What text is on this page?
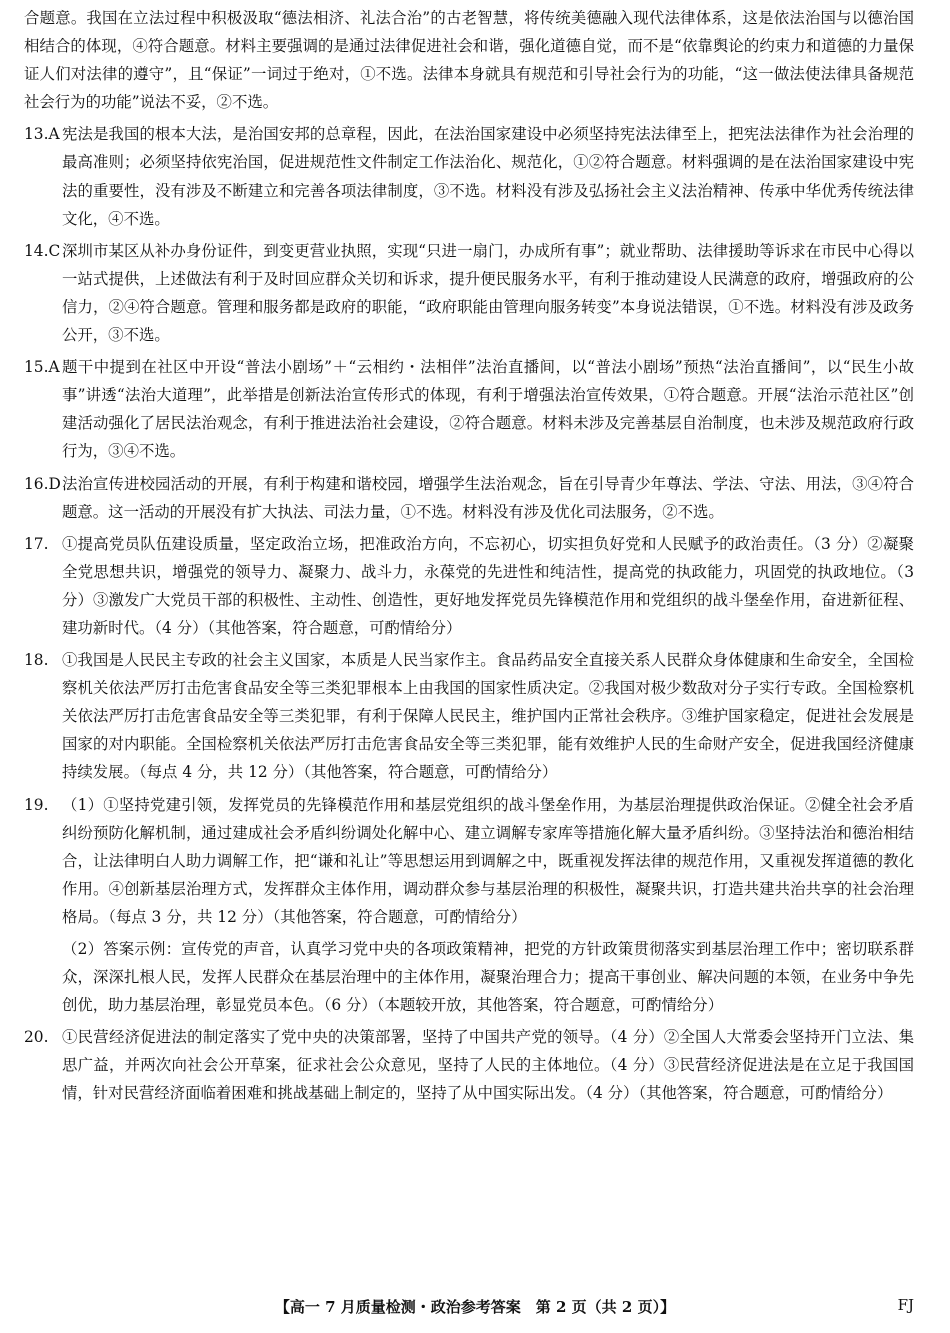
合题意。我国在立法过程中积极汲取“德法相济、礼法合治”的古老智慧，将传统美德融入现代法律体系，这是依法治国与以德治国相结合的体现，④符合题意。材料主要强调的是通过法律促进社会和谐，强化道德自觉，而不是“依靠舆论的约束力和道德的力量保证人们对法律的遵守”，且“保证”一词过于绝对，①不选。法律本身就具有规范和引导社会行为的功能，“这一做法使法律具备规范社会行为的功能”说法不妥，②不选。
13.A 宪法是我国的根本大法，是治国安邦的总章程，因此，在法治国家建设中必须坚持宪法法律至上，把宪法法律作为社会治理的最高准则；必须坚持依宪治国，促进规范性文件制定工作法治化、规范化，①②符合题意。材料强调的是在法治国家建设中宪法的重要性，没有涉及不断建立和完善各项法律制度，③不选。材料没有涉及弘扬社会主义法治精神、传承中华优秀传统法律文化，④不选。
14.C 深圳市某区从补办身份证件，到变更营业执照，实现“只进一扇门，办成所有事”；就业帮助、法律援助等诉求在市民中心得以一站式提供，上述做法有利于及时回应群众关切和诉求，提升便民服务水平，有利于推动建设人民满意的政府，增强政府的公信力，②④符合题意。管理和服务都是政府的职能，“政府职能由管理向服务转变”本身说法错误，①不选。材料没有涉及政务公开，③不选。
15.A 题干中提到在社区中开设“普法小剧场”＋“云相约・法相伴”法治直播间，以“普法小剧场”预热“法治直播间”，以“民生小故事”讲透“法治大道理”，此举措是创新法治宣传形式的体现，有利于增强法治宣传效果，①符合题意。开展“法治示范社区”创建活动强化了居民法治观念，有利于推进法治社会建设，②符合题意。材料未涉及完善基层自治制度，也未涉及规范政府行政行为，③④不选。
16.D 法治宣传进校园活动的开展，有利于构建和谐校园，增强学生法治观念，旨在引导青少年尊法、学法、守法、用法，③④符合题意。这一活动的开展没有扩大执法、司法力量，①不选。材料没有涉及优化司法服务，②不选。
17. ①提高党员队伍建设质量，坚定政治立场，把准政治方向，不忘初心，切实担负好党和人民赋予的政治责任。（3 分）②凝聚全党思想共识，增强党的领导力、凝聚力、战斗力，永葆党的先进性和纯洁性，提高党的执政能力，巩固党的执政地位。（3 分）③激发广大党员干部的积极性、主动性、创造性，更好地发挥党员先锋模范作用和党组织的战斗堡垒作用，奋进新征程、建功新时代。（4 分）（其他答案，符合题意，可酌情给分）
18. ①我国是人民民主专政的社会主义国家，本质是人民当家作主。食品药品安全直接关系人民群众身体健康和生命安全，全国检察机关依法严厉打击危害食品安全等三类犯罪根本上由我国的国家性质决定。②我国对极少数敌对分子实行专政。全国检察机关依法严厉打击危害食品安全等三类犯罪，有利于保障人民民主，维护国内正常社会秩序。③维护国家稳定，促进社会发展是国家的对内职能。全国检察机关依法严厉打击危害食品安全等三类犯罪，能有效维护人民的生命财产安全，促进我国经济健康持续发展。（每点 4 分，共 12 分）（其他答案，符合题意，可酌情给分）
19. （1）①坚持党建引领，发挥党员的先锋模范作用和基层党组织的战斗堡垒作用，为基层治理提供政治保证。②健全社会矛盾纠纷预防化解机制，通过建成社会矛盾纠纷调处化解中心、建立调解专家库等措施化解大量矛盾纠纷。③坚持法治和德治相结合，让法律明白人助力调解工作，把“谦和礼让”等思想运用到调解之中，既重视发挥法律的规范作用，又重视发挥道德的教化作用。④创新基层治理方式，发挥群众主体作用，调动群众参与基层治理的积极性，凝聚共识，打造共建共治共享的社会治理格局。（每点 3 分，共 12 分）（其他答案，符合题意，可酌情给分）

（2）答案示例：宣传党的声音，认真学习党中央的各项政策精神，把党的方针政策贯彻落实到基层治理工作中；密切联系群众，深深扎根人民，发挥人民群众在基层治理中的主体作用，凝聚治理合力；提高干事创业、解决问题的本领，在业务中争先创优，助力基层治理，彰显党员本色。（6 分）（本题较开放，其他答案，符合题意，可酌情给分）

20. ①民营经济促进法的制定落实了党中央的决策部署，坚持了中国共产党的领导。（4 分）②全国人大常委会坚持开门立法、集思广益，并两次向社会公开草案，征求社会公众意见，坚持了人民的主体地位。（4 分）③民营经济促进法是在立足于我国国情，针对民营经济面临着困难和挑战基础上制定的，坚持了从中国实际出发。（4 分）（其他答案，符合题意，可酌情给分）
【高一 7 月质量检测・政治参考答案　第 2 页（共 2 页）】	FJ
